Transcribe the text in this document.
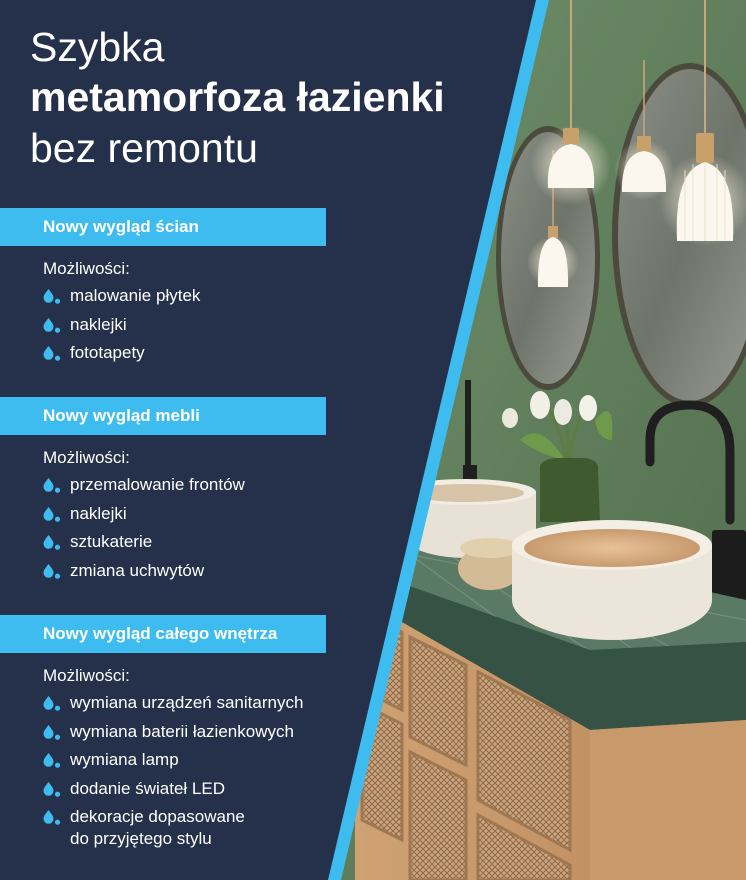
Szybka
metamorfoza łazienki
bez remontu
Nowy wygląd ścian
Możliwości:
malowanie płytek
naklejki
fototapety
Nowy wygląd mebli
Możliwości:
przemalowanie frontów
naklejki
sztukaterie
zmiana uchwytów
Nowy wygląd całego wnętrza
Możliwości:
wymiana urządzeń sanitarnych
wymiana baterii łazienkowych
wymiana lamp
dodanie świateł LED
dekoracje dopasowane
do przyjętego stylu
